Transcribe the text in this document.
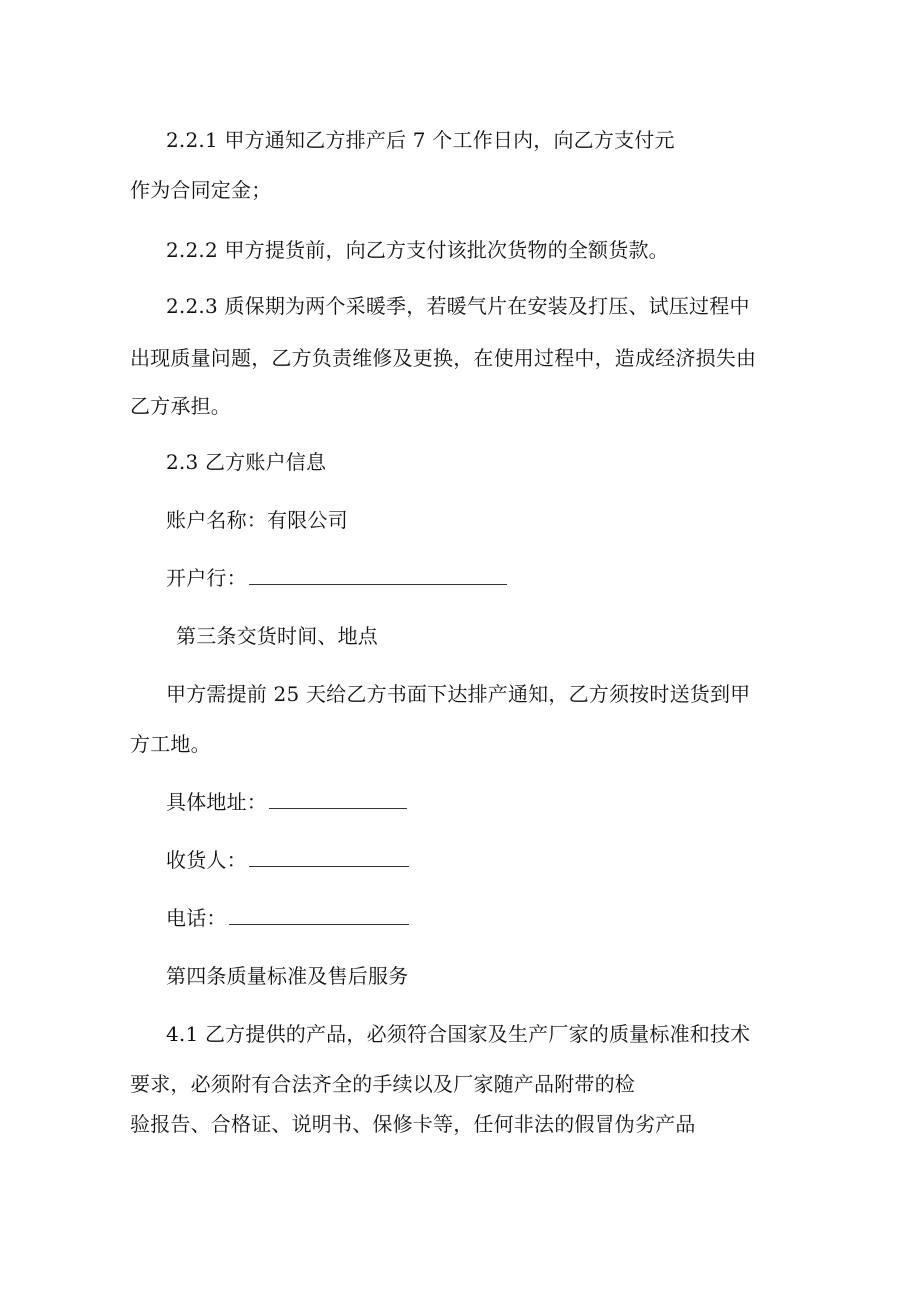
2.2.1 甲方通知乙方排产后 7 个工作日内，向乙方支付元
作为合同定金；
2.2.2 甲方提货前，向乙方支付该批次货物的全额货款。
2.2.3 质保期为两个采暖季，若暖气片在安装及打压、试压过程中
出现质量问题，乙方负责维修及更换，在使用过程中，造成经济损失由
乙方承担。
2.3 乙方账户信息
账户名称：有限公司
开户行：
第三条交货时间、地点
甲方需提前 25 天给乙方书面下达排产通知，乙方须按时送货到甲
方工地。
具体地址：
收货人：
电话：
第四条质量标准及售后服务
4.1 乙方提供的产品，必须符合国家及生产厂家的质量标准和技术
要求，必须附有合法齐全的手续以及厂家随产品附带的检
验报告、合格证、说明书、保修卡等，任何非法的假冒伪劣产品
